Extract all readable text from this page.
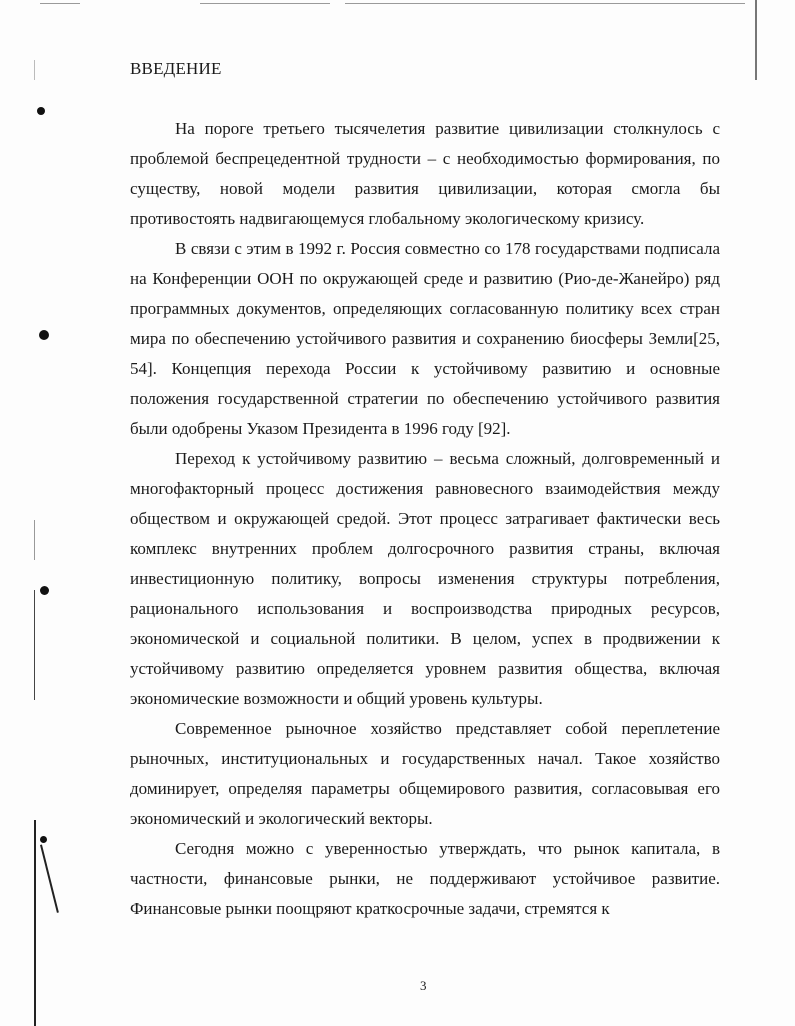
ВВЕДЕНИЕ

На пороге третьего тысячелетия развитие цивилизации столкнулось с проблемой беспрецедентной трудности – с необходимостью формирования, по существу, новой модели развития цивилизации, которая смогла бы противостоять надвигающемуся глобальному экологическому кризису.

В связи с этим в 1992 г. Россия совместно со 178 государствами подписала на Конференции ООН по окружающей среде и развитию (Рио-де-Жанейро) ряд программных документов, определяющих согласованную политику всех стран мира по обеспечению устойчивого развития и сохранению биосферы Земли[25, 54]. Концепция перехода России к устойчивому развитию и основные положения государственной стратегии по обеспечению устойчивого развития были одобрены Указом Президента в 1996 году [92].

Переход к устойчивому развитию – весьма сложный, долговременный и многофакторный процесс достижения равновесного взаимодействия между обществом и окружающей средой. Этот процесс затрагивает фактически весь комплекс внутренних проблем долгосрочного развития страны, включая инвестиционную политику, вопросы изменения структуры потребления, рационального использования и воспроизводства природных ресурсов, экономической и социальной политики. В целом, успех в продвижении к устойчивому развитию определяется уровнем развития общества, включая экономические возможности и общий уровень культуры.

Современное рыночное хозяйство представляет собой переплетение рыночных, институциональных и государственных начал. Такое хозяйство доминирует, определяя параметры общемирового развития, согласовывая его экономический и экологический векторы.

Сегодня можно с уверенностью утверждать, что рынок капитала, в частности, финансовые рынки, не поддерживают устойчивое развитие. Финансовые рынки поощряют краткосрочные задачи, стремятся к

3
